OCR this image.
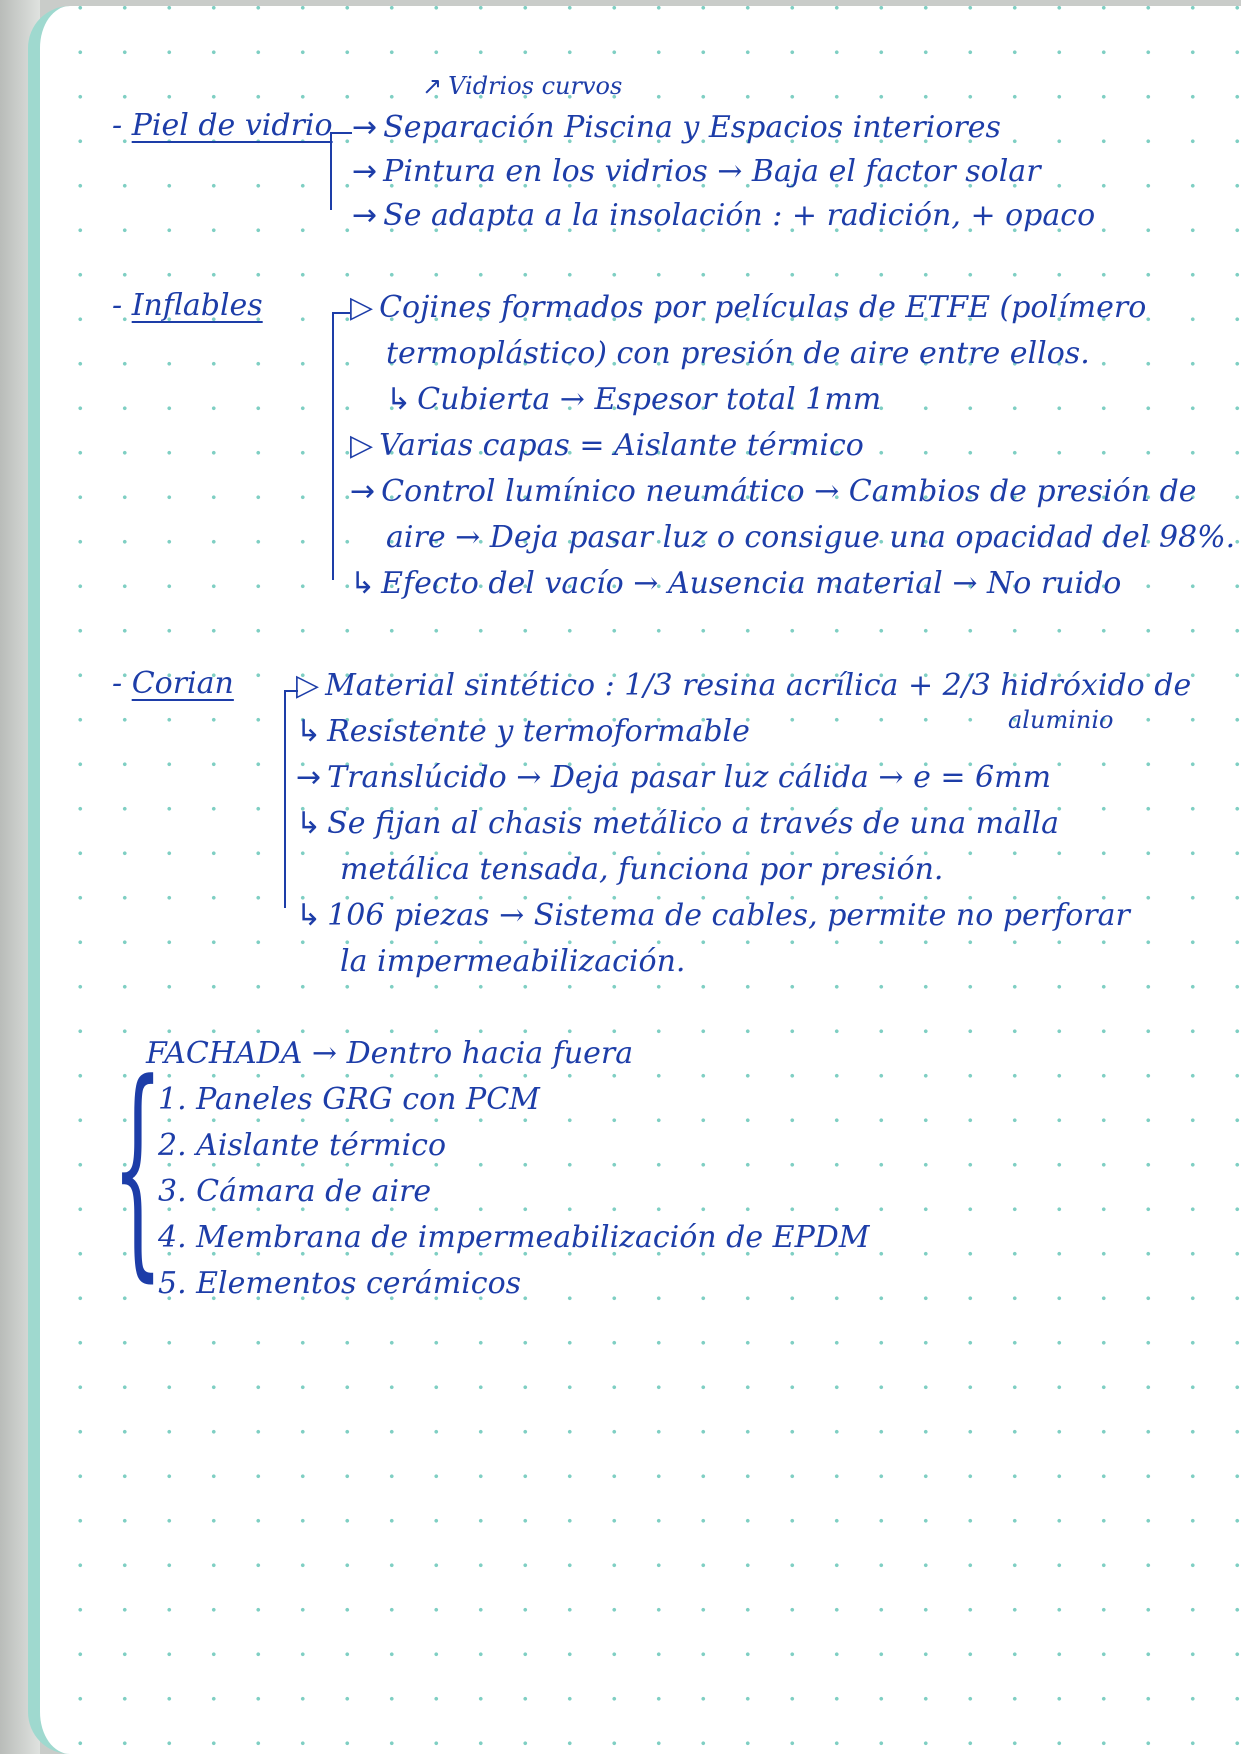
↗ Vidrios curvos
- Piel de vidrio → Separación Piscina y Espacios interiores
→ Pintura en los vidrios → Baja el factor solar
→ Se adapta a la insolación : + radición, + opaco
- Inflables	▷ Cojines formados por películas de ETFE (polímero
termoplástico) con presión de aire entre ellos.
↳ Cubierta → Espesor total 1mm
▷ Varias capas = Aislante térmico
→ Control lumínico neumático → Cambios de presión de
aire → Deja pasar luz o consigue una opacidad del 98%.
↳ Efecto del vacío → Ausencia material → No ruido
- Corian ▷ Material sintético : 1/3 resina acrílica + 2/3 hidróxido de
aluminio
↳ Resistente y termoformable
→ Translúcido → Deja pasar luz cálida → e = 6mm
↳ Se fijan al chasis metálico a través de una malla
metálica tensada, funciona por presión.
↳ 106 piezas → Sistema de cables, permite no perforar
la impermeabilización.
FACHADA → Dentro hacia fuera
{
1. Paneles GRG con PCM
2. Aislante térmico
3. Cámara de aire
4. Membrana de impermeabilización de EPDM
5. Elementos cerámicos
